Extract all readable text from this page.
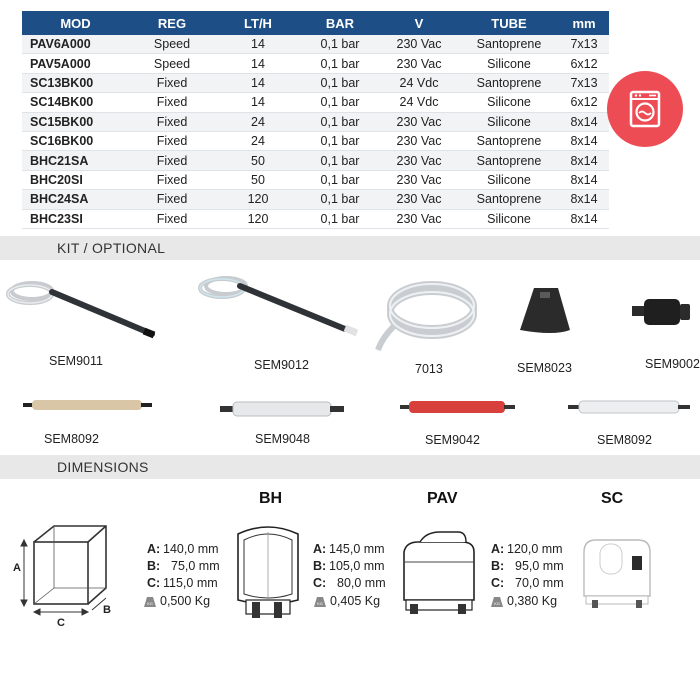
MOD	REG	LT/H	BAR	V	TUBE	mm
PAV6A000	Speed	14	0,1 bar	230 Vac	Santoprene	7x13
PAV5A000	Speed	14	0,1 bar	230 Vac	Silicone	6x12
SC13BK00	Fixed	14	0,1 bar	24 Vdc	Santoprene	7x13
SC14BK00	Fixed	14	0,1 bar	24 Vdc	Silicone	6x12
SC15BK00	Fixed	24	0,1 bar	230 Vac	Silicone	8x14
SC16BK00	Fixed	24	0,1 bar	230 Vac	Santoprene	8x14
BHC21SA	Fixed	50	0,1 bar	230 Vac	Santoprene	8x14
BHC20SI	Fixed	50	0,1 bar	230 Vac	Silicone	8x14
BHC24SA	Fixed	120	0,1 bar	230 Vac	Santoprene	8x14
BHC23SI	Fixed	120	0,1 bar	230 Vac	Silicone	8x14
KIT / OPTIONAL
SEM9011	SEM9012	7013	SEM8023	SEM9002
SEM8092	SEM9048	SEM9042	SEM8092
DIMENSIONS
A
C
B
BH	PAV	SC
A: 140,0 mm
B: 75,0 mm
C: 115,0 mm
KG 0,500 Kg
A: 145,0 mm
B: 105,0 mm
C: 80,0 mm
KG 0,405 Kg
A: 120,0 mm
B: 95,0 mm
C: 70,0 mm
KG 0,380 Kg
